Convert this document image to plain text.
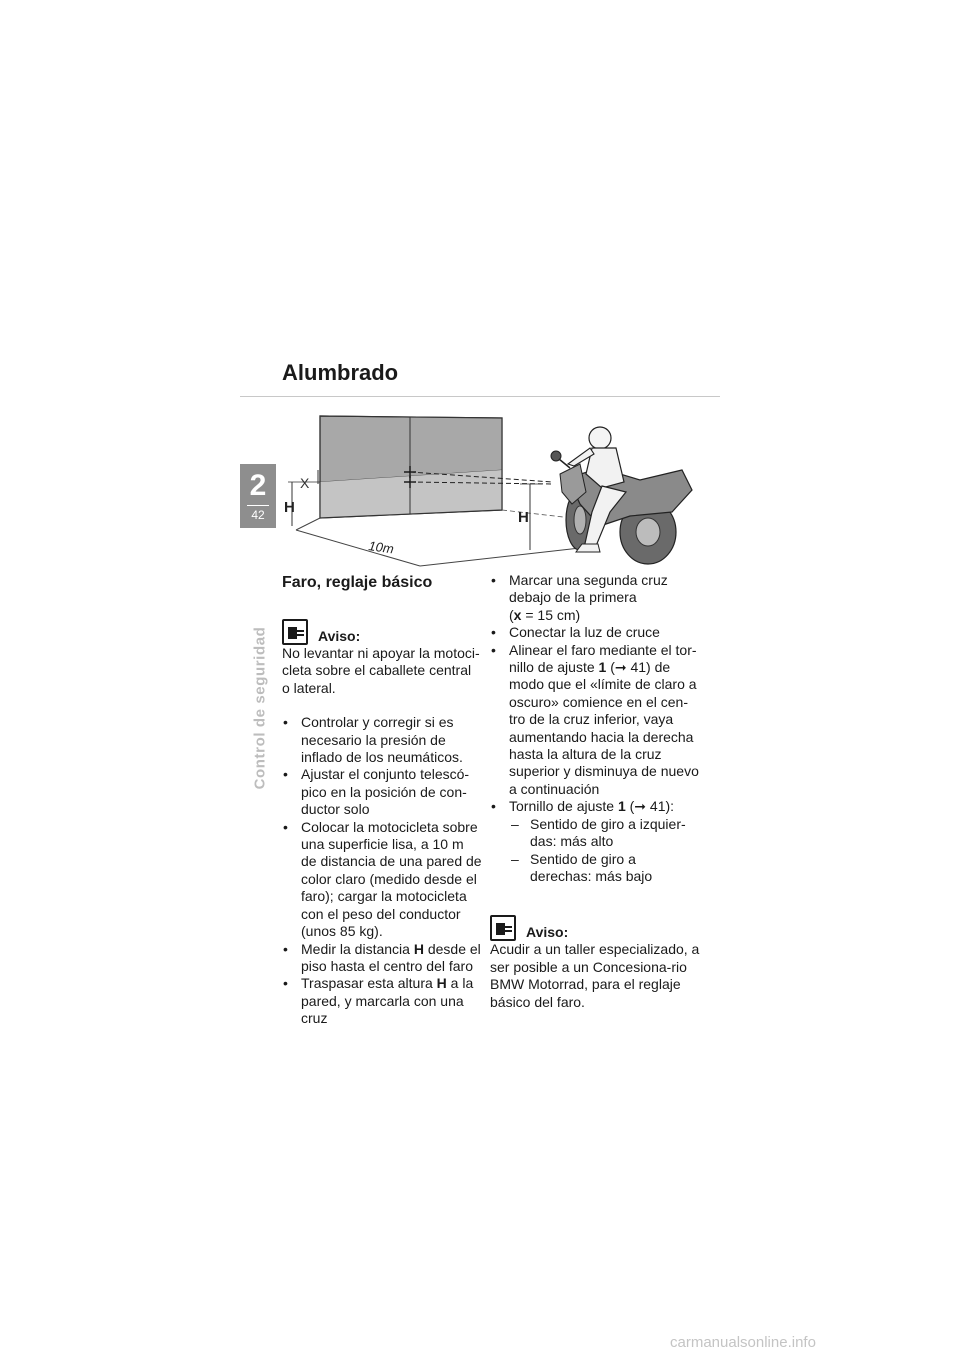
Alumbrado
2
42
Control de seguridad
X
H
H
10m
Faro, reglaje básico
Aviso:

No levantar ni apoyar la motoci-cleta sobre el caballete central o lateral.

• Controlar y corregir si es necesario la presión de inflado de los neumáticos.
• Ajustar el conjunto telescó-pico en la posición de con-ductor solo
• Colocar la motocicleta sobre una superficie lisa, a 10 m de distancia de una pared de color claro (medido desde el faro); cargar la motocicleta con el peso del conductor (unos 85 kg).
• Medir la distancia H desde el piso hasta el centro del faro
• Traspasar esta altura H a la pared, y marcarla con una cruz
• Marcar una segunda cruz debajo de la primera
(x = 15 cm)
• Conectar la luz de cruce
• Alinear el faro mediante el tor-nillo de ajuste 1 (➞ 41) de modo que el «límite de claro a oscuro» comience en el cen-tro de la cruz inferior, vaya aumentando hacia la derecha hasta la altura de la cruz superior y disminuya de nuevo a continuación
• Tornillo de ajuste 1 (➞ 41):
– Sentido de giro a izquier-das: más alto
– Sentido de giro a derechas: más bajo
Aviso:

Acudir a un taller especializado, a ser posible a un Concesiona-rio BMW Motorrad, para el reglaje básico del faro.

carmanualsonline.info
